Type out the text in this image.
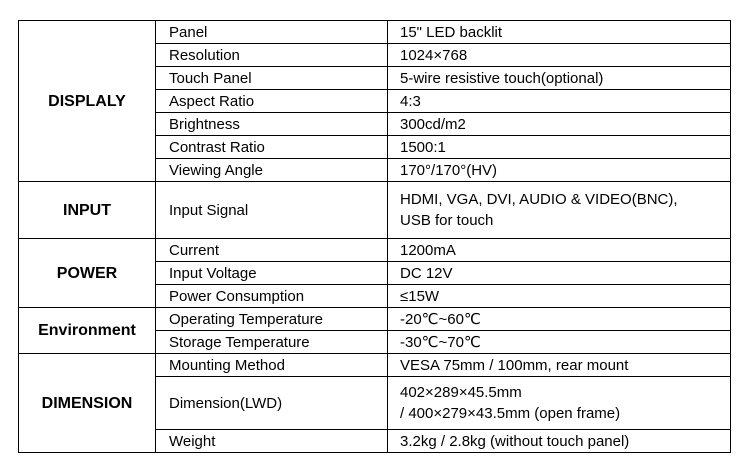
DISPLALY	Panel	15" LED backlit

	Resolution	1024×768

	Touch Panel	5-wire resistive touch(optional)

	Aspect Ratio	4:3

	Brightness	300cd/m2

	Contrast Ratio	1500:1

	Viewing Angle	170°/170°(HV)

INPUT	Input Signal	HDMI, VGA, DVI, AUDIO & VIDEO(BNC),
USB for touch

POWER	Current	1200mA

	Input Voltage	DC 12V

	Power Consumption	≤15W

Environment	Operating Temperature	-20℃~60℃

	Storage Temperature	-30℃~70℃

DIMENSION	Mounting Method	VESA 75mm / 100mm, rear mount

	Dimension(LWD)	402×289×45.5mm
/ 400×279×43.5mm (open frame)

	Weight	3.2kg / 2.8kg (without touch panel)
